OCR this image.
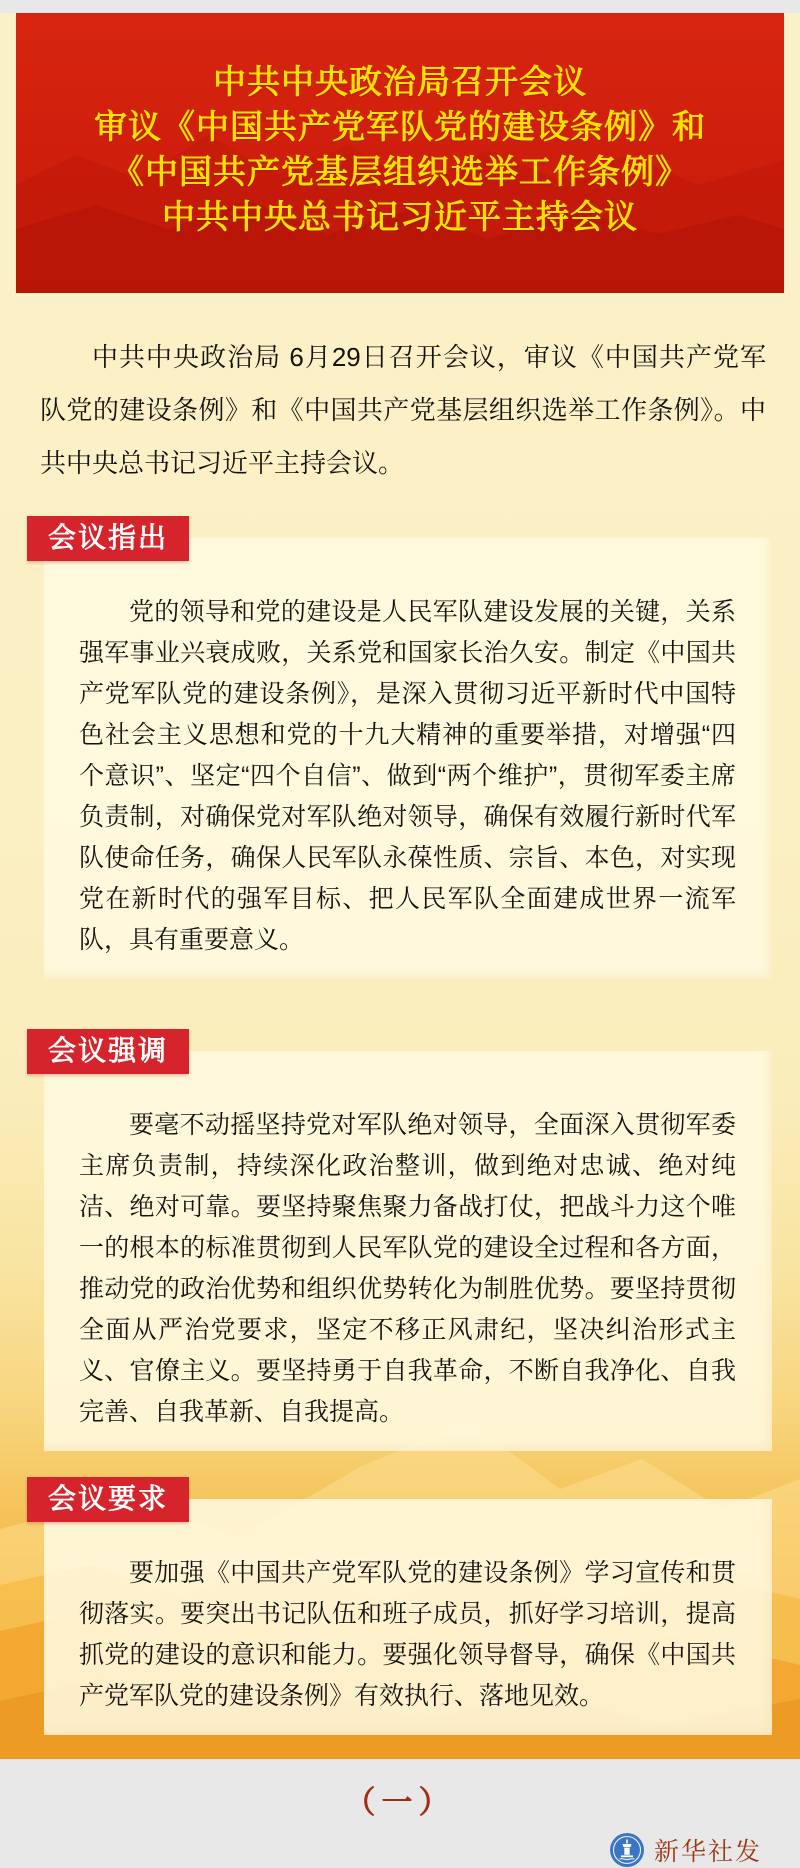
中共中央政治局召开会议
审议《中国共产党军队党的建设条例》和
《中国共产党基层组织选举工作条例》
中共中央总书记习近平主持会议

中共中央政治局 6月29日召开会议，审议《中国共产党军队党的建设条例》和《中国共产党基层组织选举工作条例》。中共中央总书记习近平主持会议。

会议指出

党的领导和党的建设是人民军队建设发展的关键，关系强军事业兴衰成败，关系党和国家长治久安。制定《中国共产党军队党的建设条例》，是深入贯彻习近平新时代中国特色社会主义思想和党的十九大精神的重要举措，对增强“四个意识”、坚定“四个自信”、做到“两个维护”，贯彻军委主席负责制，对确保党对军队绝对领导，确保有效履行新时代军队使命任务，确保人民军队永葆性质、宗旨、本色，对实现党在新时代的强军目标、把人民军队全面建成世界一流军队，具有重要意义。

会议强调

要毫不动摇坚持党对军队绝对领导，全面深入贯彻军委主席负责制，持续深化政治整训，做到绝对忠诚、绝对纯洁、绝对可靠。要坚持聚焦聚力备战打仗，把战斗力这个唯一的根本的标准贯彻到人民军队党的建设全过程和各方面，推动党的政治优势和组织优势转化为制胜优势。要坚持贯彻全面从严治党要求，坚定不移正风肃纪，坚决纠治形式主义、官僚主义。要坚持勇于自我革命，不断自我净化、自我完善、自我革新、自我提高。

会议要求

要加强《中国共产党军队党的建设条例》学习宣传和贯彻落实。要突出书记队伍和班子成员，抓好学习培训，提高抓党的建设的意识和能力。要强化领导督导，确保《中国共产党军队党的建设条例》有效执行、落地见效。

（一）
新华社发
